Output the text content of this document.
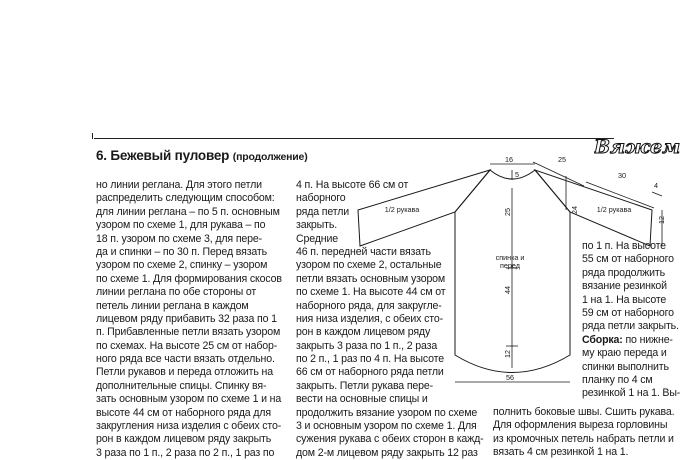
6. Бежевый пуловер (продолжение)	Вяжем
но линии реглана. Для этого петли
распределить следующим способом:
для линии реглана – по 5 п. основным
узором по схеме 1, для рукава – по
18 п. узором по схеме 3, для пере-
да и спинки – по 30 п. Перед вязать
узором по схеме 2, спинку – узором
по схеме 1. Для формирования скосов
линии реглана по обе стороны от
петель линии реглана в каждом
лицевом ряду прибавить 32 раза по 1
п. Прибавленные петли вязать узором
по схемах. На высоте 25 см от набор-
ного ряда все части вязать отдельно.
Петли рукавов и переда отложить на
дополнительные спицы. Спинку вя-
зать основным узором по схеме 1 и на
высоте 44 см от наборного ряда для
закругления низа изделия с обеих сто-
рон в каждом лицевом ряду закрыть
3 раза по 1 п., 2 раза по 2 п., 1 раз по
4 п. На высоте 66 см от
наборного
ряда петли
закрыть.
Средние
46 п. передней части вязать
узором по схеме 2, остальные
петли вязать основным узором
по схеме 1. На высоте 44 см от
наборного ряда, для закругле-
ния низа изделия, с обеих сто-
рон в каждом лицевом ряду
закрыть 3 раза по 1 п., 2 раза
по 2 п., 1 раз по 4 п. На высоте
66 см от наборного ряда петли
закрыть. Петли рукава пере-
вести на основные спицы и
продолжить вязание узором по схеме
3 и основным узором по схеме 1. Для
сужения рукава с обеих сторон в кажд-
дом 2-м лицевом ряду закрыть 12 раз
16
5
25
24
30
4
12
25
44
12
56
1/2 рукава	1/2 рукава
спинка и перед
по 1 п. На высоте
55 см от наборного
ряда продолжить
вязание резинкой
1 на 1. На высоте
59 см от наборного
ряда петли закрыть.
Сборка: по нижне-
му краю переда и
спинки выполнить
планку по 4 см
резинкой 1 на 1. Вы-
полнить боковые швы. Сшить рукава.
Для оформления выреза горловины
из кромочных петель набрать петли и
вязать 4 см резинкой 1 на 1.
